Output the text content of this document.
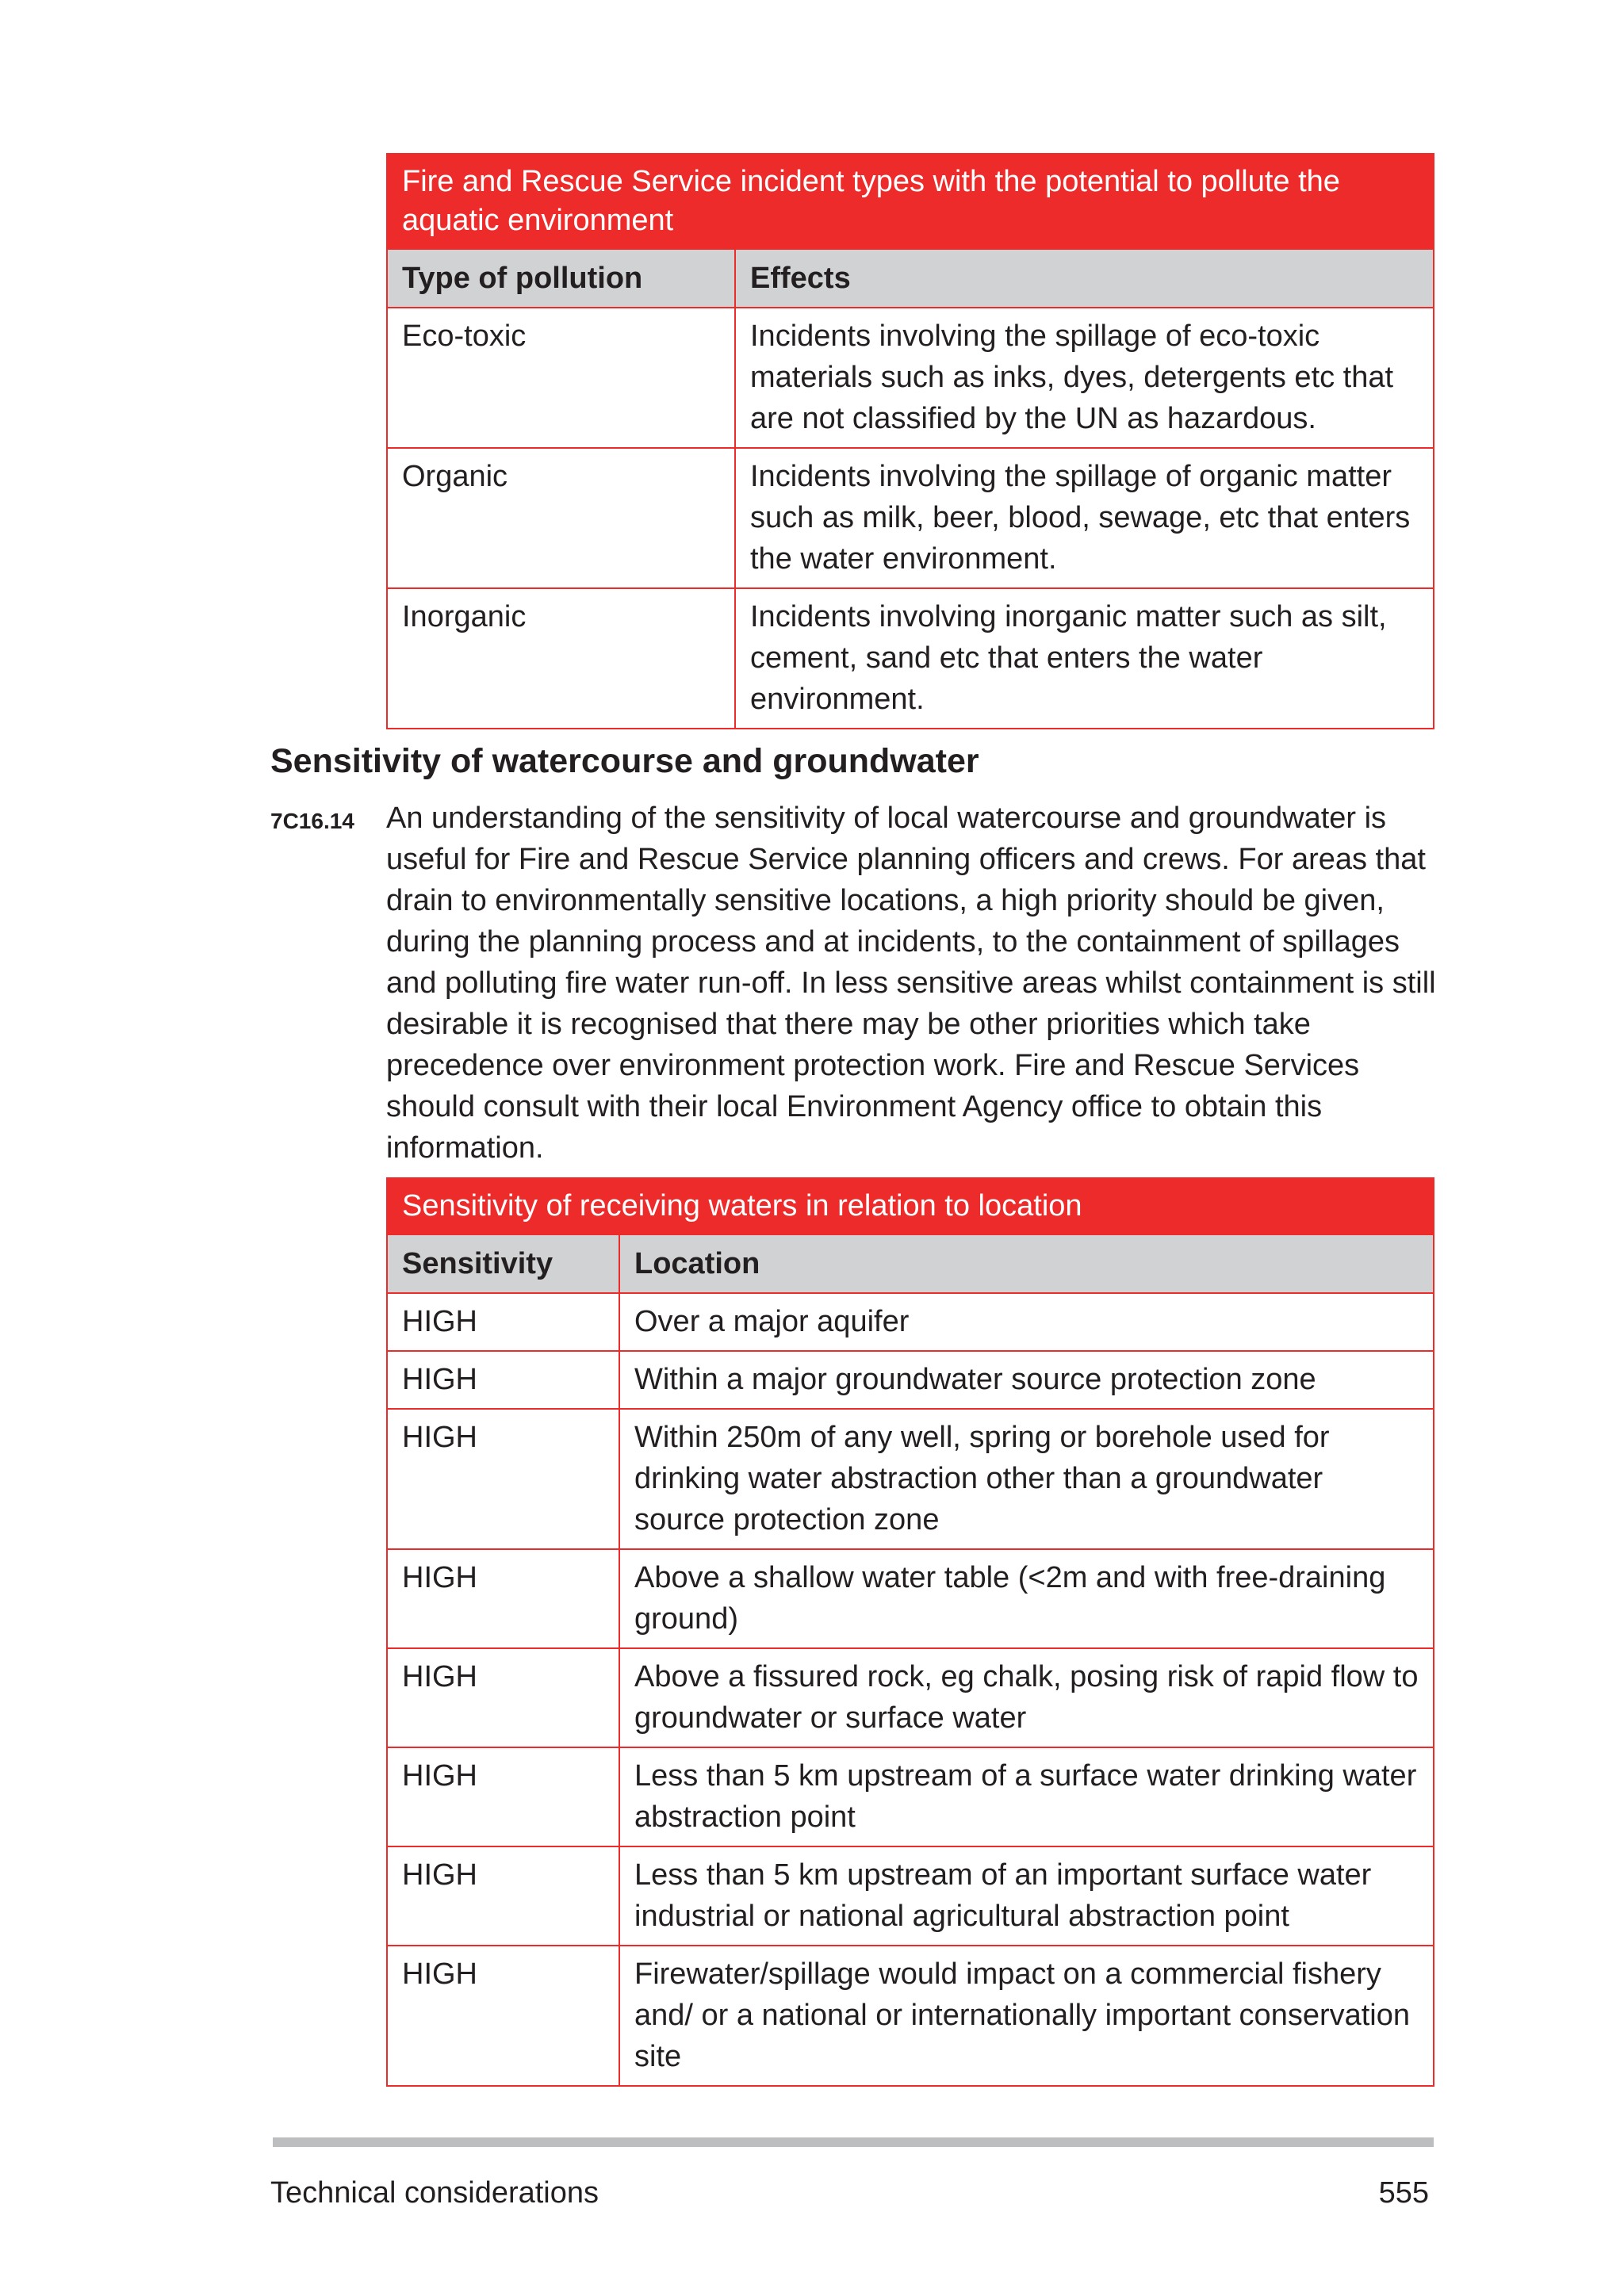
Fire and Rescue Service incident types with the potential to pollute the aquatic environment	
Type of pollution	Effects
Eco-toxic	Incidents involving the spillage of eco-toxic materials such as inks, dyes, detergents etc that are not classified by the UN as hazardous.
Organic	Incidents involving the spillage of organic matter such as milk, beer, blood, sewage, etc that enters the water environment.
Inorganic	Incidents involving inorganic matter such as silt, cement, sand etc that enters the water environment.
Sensitivity of watercourse and groundwater
7C16.14 An understanding of the sensitivity of local watercourse and groundwater is useful for Fire and Rescue Service planning officers and crews. For areas that drain to environmentally sensitive locations, a high priority should be given, during the planning process and at incidents, to the containment of spillages and polluting fire water run-off. In less sensitive areas whilst containment is still desirable it is recognised that there may be other priorities which take precedence over environment protection work. Fire and Rescue Services should consult with their local Environment Agency office to obtain this information.

Sensitivity of receiving waters in relation to location	
Sensitivity	Location
HIGH	Over a major aquifer
HIGH	Within a major groundwater source protection zone
HIGH	Within 250m of any well, spring or borehole used for drinking water abstraction other than a groundwater source protection zone
HIGH	Above a shallow water table (<2m and with free-draining ground)
HIGH	Above a fissured rock, eg chalk, posing risk of rapid flow to groundwater or surface water
HIGH	Less than 5 km upstream of a surface water drinking water abstraction point
HIGH	Less than 5 km upstream of an important surface water industrial or national agricultural abstraction point
HIGH	Firewater/spillage would impact on a commercial fishery and/ or a national or internationally important conservation site
Technical considerations	555
